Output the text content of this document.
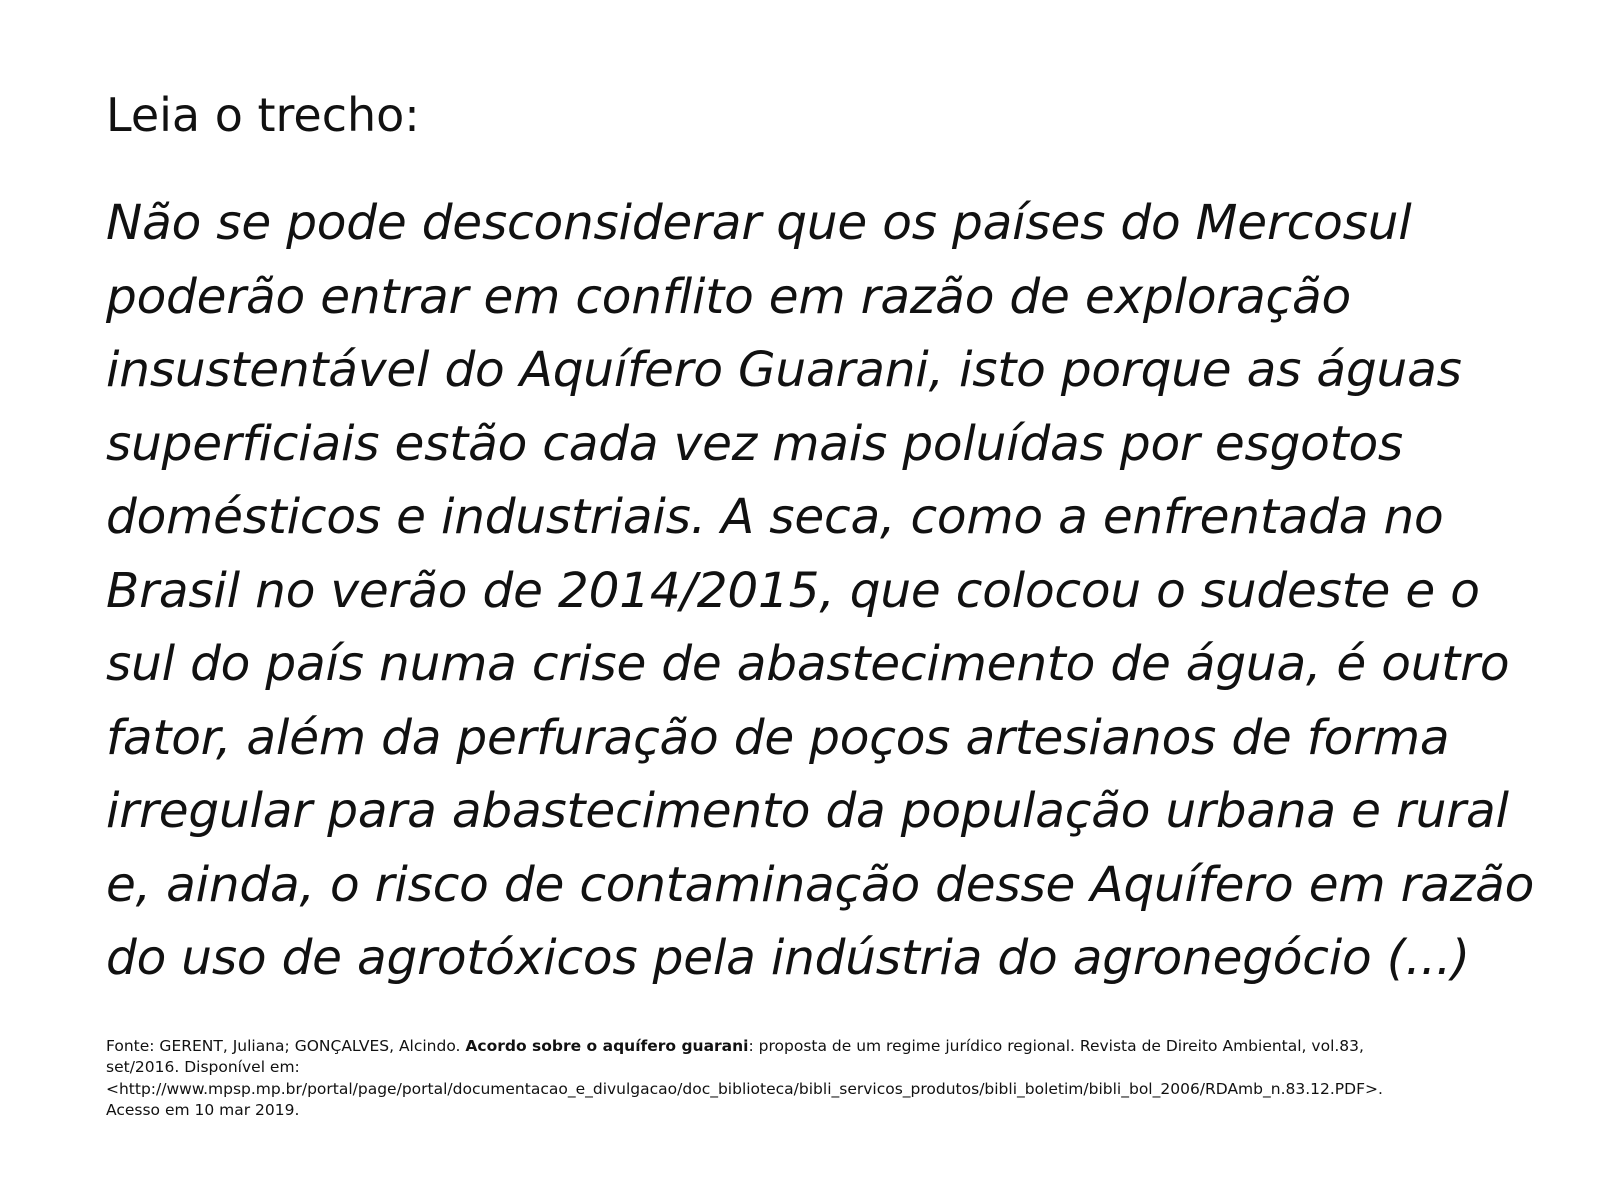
Leia o trecho:
Não se pode desconsiderar que os países do Mercosul
poderão entrar em conflito em razão de exploração
insustentável do Aquífero Guarani, isto porque as águas
superficiais estão cada vez mais poluídas por esgotos
domésticos e industriais. A seca, como a enfrentada no
Brasil no verão de 2014/2015, que colocou o sudeste e o
sul do país numa crise de abastecimento de água, é outro
fator, além da perfuração de poços artesianos de forma
irregular para abastecimento da população urbana e rural
e, ainda, o risco de contaminação desse Aquífero em razão
do uso de agrotóxicos pela indústria do agronegócio (...)
Fonte: GERENT, Juliana; GONÇALVES, Alcindo. Acordo sobre o aquífero guarani: proposta de um regime jurídico regional. Revista de Direito Ambiental, vol.83,
set/2016. Disponível em:
<http://www.mpsp.mp.br/portal/page/portal/documentacao_e_divulgacao/doc_biblioteca/bibli_servicos_produtos/bibli_boletim/bibli_bol_2006/RDAmb_n.83.12.PDF>.
Acesso em 10 mar 2019.
